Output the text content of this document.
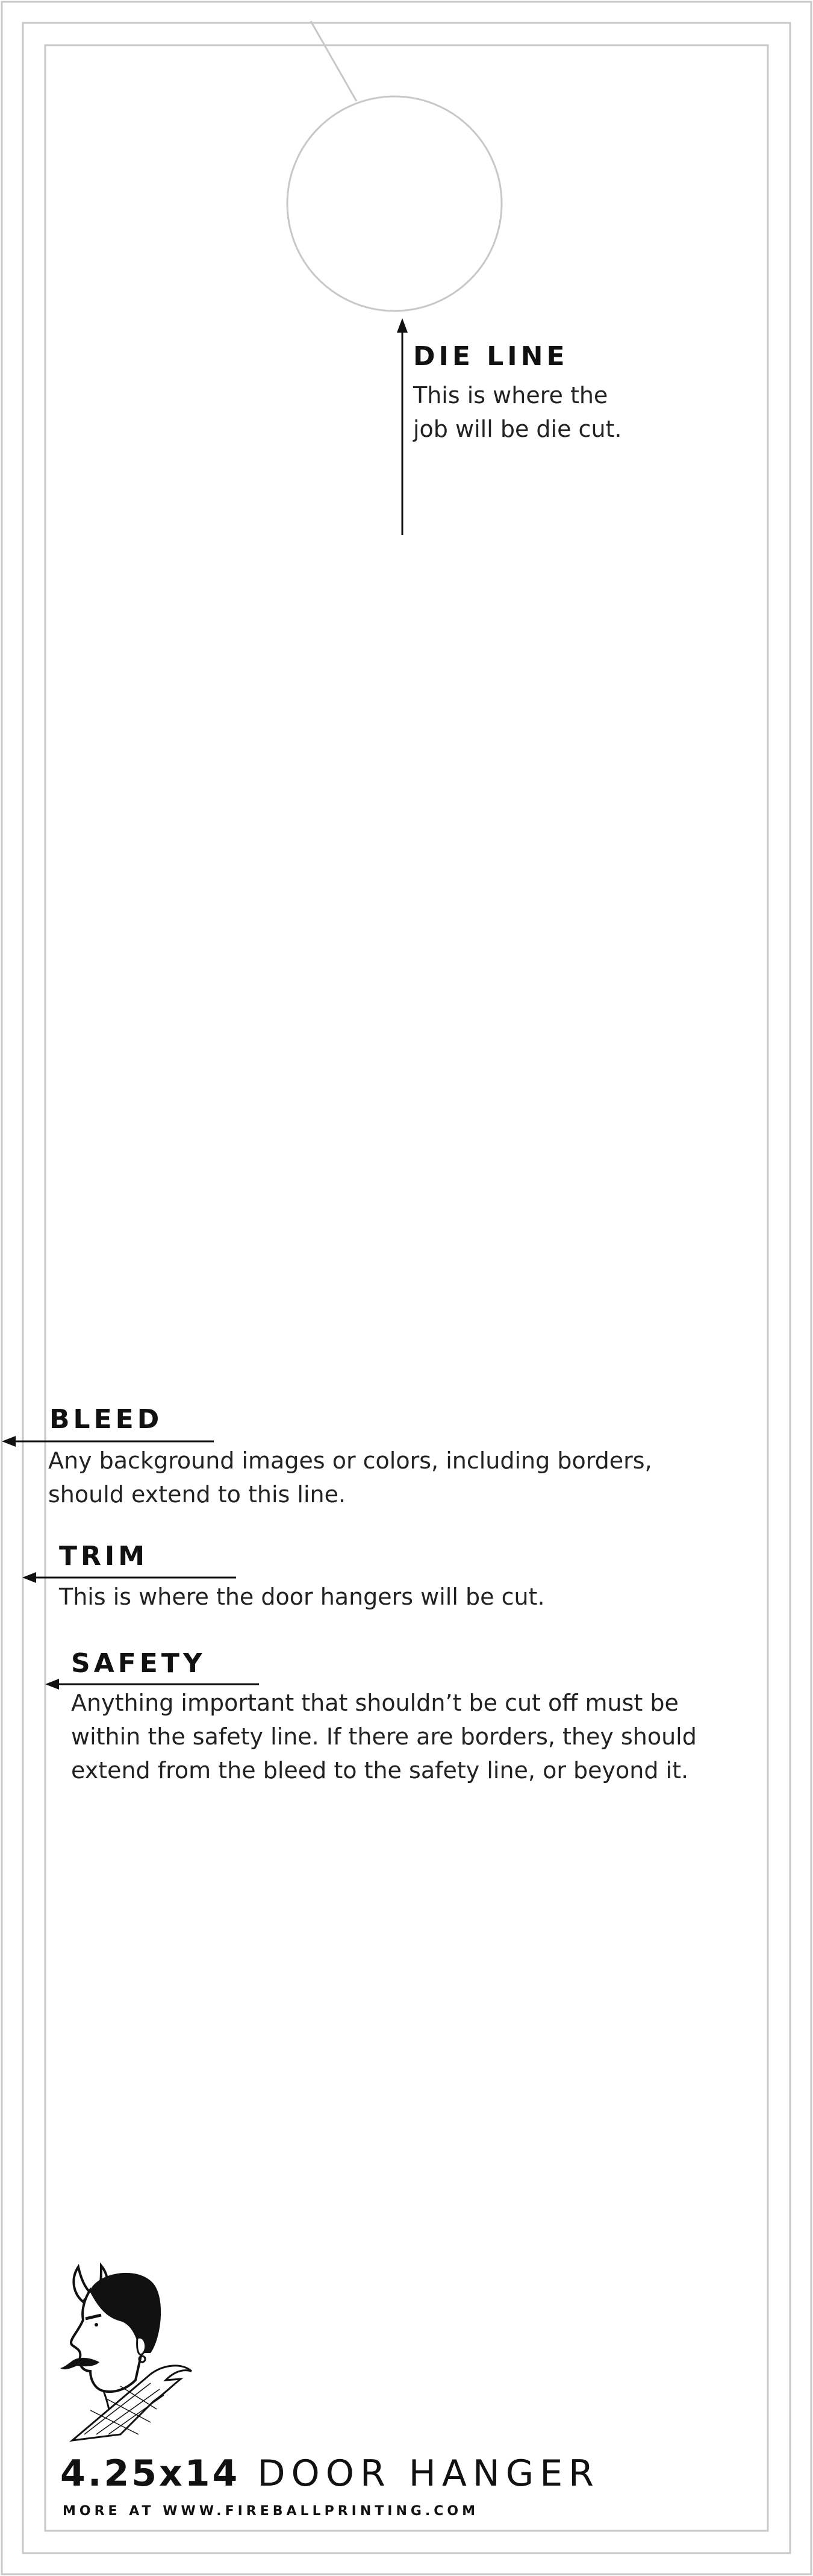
DIE LINE
This is where the
job will be die cut.
BLEED
Any background images or colors, including borders,
should extend to this line.
TRIM
This is where the door hangers will be cut.
SAFETY
Anything important that shouldn’t be cut off must be
within the safety line. If there are borders, they should
extend from the bleed to the safety line, or beyond it.
4.25x14 DOOR HANGER
MORE AT WWW.FIREBALLPRINTING.COM
